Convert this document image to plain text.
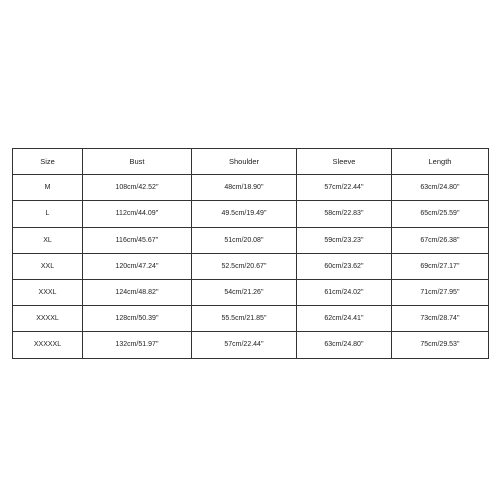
Size	Bust	Shoulder	Sleeve	Length
M	108cm/42.52''	48cm/18.90''	57cm/22.44''	63cm/24.80''
L	112cm/44.09''	49.5cm/19.49''	58cm/22.83''	65cm/25.59''
XL	116cm/45.67''	51cm/20.08''	59cm/23.23''	67cm/26.38''
XXL	120cm/47.24''	52.5cm/20.67''	60cm/23.62''	69cm/27.17''
XXXL	124cm/48.82''	54cm/21.26''	61cm/24.02''	71cm/27.95''
XXXXL	128cm/50.39''	55.5cm/21.85''	62cm/24.41''	73cm/28.74''
XXXXXL	132cm/51.97''	57cm/22.44''	63cm/24.80''	75cm/29.53''
